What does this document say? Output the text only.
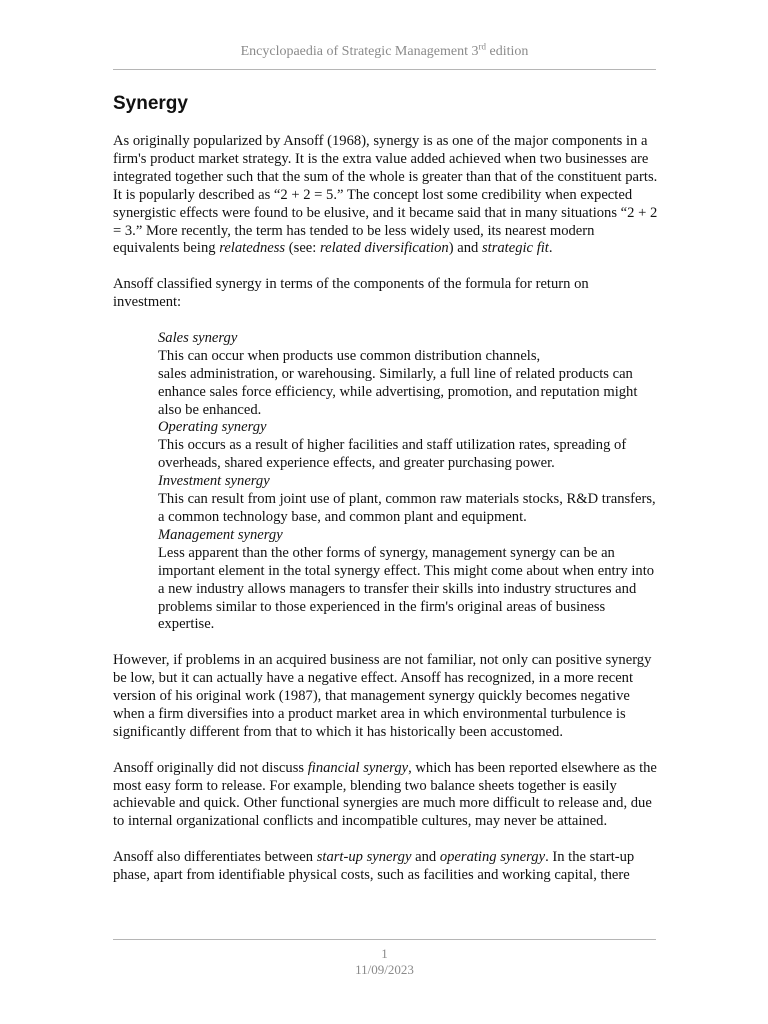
Encyclopaedia of Strategic Management 3rd edition
Synergy

As originally popularized by Ansoff (1968), synergy is as one of the major components in a firm's product market strategy. It is the extra value added achieved when two businesses are integrated together such that the sum of the whole is greater than that of the constituent parts. It is popularly described as “2 + 2 = 5.” The concept lost some credibility when expected synergistic effects were found to be elusive, and it became said that in many situations “2 + 2 = 3.” More recently, the term has tended to be less widely used, its nearest modern equivalents being relatedness (see: related diversification) and strategic fit.

Ansoff classified synergy in terms of the components of the formula for return on investment:

Sales synergy
This can occur when products use common distribution channels,
sales administration, or warehousing. Similarly, a full line of related products can enhance sales force efficiency, while advertising, promotion, and reputation might also be enhanced.
Operating synergy
This occurs as a result of higher facilities and staff utilization rates, spreading of overheads, shared experience effects, and greater purchasing power.
Investment synergy
This can result from joint use of plant, common raw materials stocks, R&D transfers, a common technology base, and common plant and equipment.
Management synergy
Less apparent than the other forms of synergy, management synergy can be an important element in the total synergy effect. This might come about when entry into a new industry allows managers to transfer their skills into industry structures and problems similar to those experienced in the firm's original areas of business expertise.

However, if problems in an acquired business are not familiar, not only can positive synergy be low, but it can actually have a negative effect. Ansoff has recognized, in a more recent version of his original work (1987), that management synergy quickly becomes negative when a firm diversifies into a product market area in which environmental turbulence is significantly different from that to which it has historically been accustomed.

Ansoff originally did not discuss financial synergy, which has been reported elsewhere as the most easy form to release. For example, blending two balance sheets together is easily achievable and quick. Other functional synergies are much more difficult to release and, due to internal organizational conflicts and incompatible cultures, may never be attained.

Ansoff also differentiates between start-up synergy and operating synergy. In the start-up phase, apart from identifiable physical costs, such as facilities and working capital, there

1
11/09/2023
